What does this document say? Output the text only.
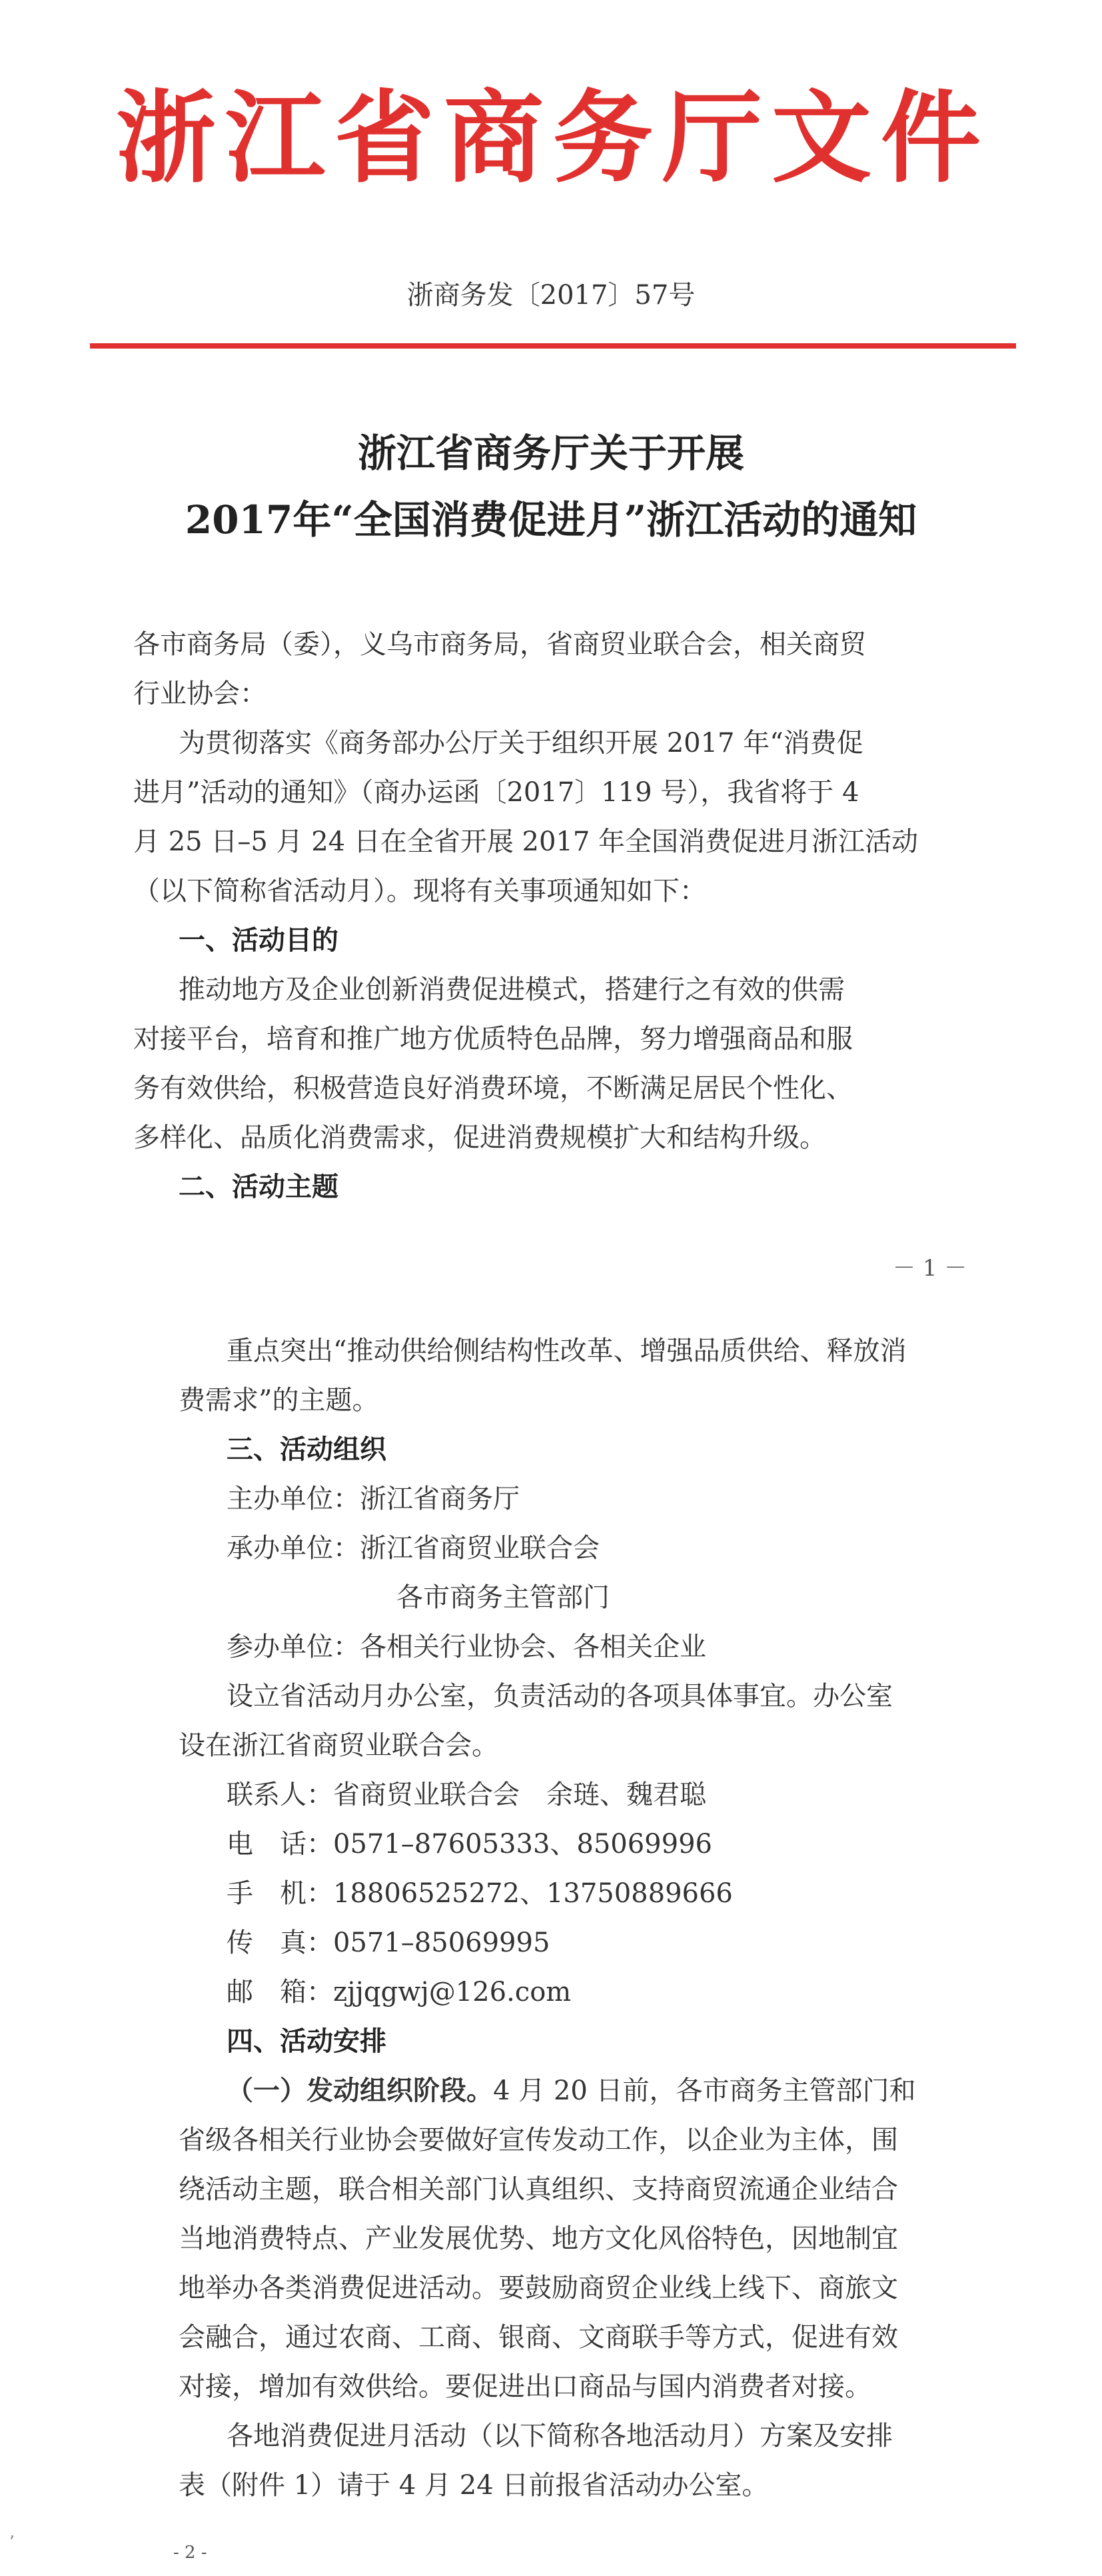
浙江省商务厅文件

浙商务发〔2017〕57号

浙江省商务厅关于开展

2017年“全国消费促进月”浙江活动的通知

各市商务局（委），义乌市商务局，省商贸业联合会，相关商贸

行业协会：

为贯彻落实《商务部办公厅关于组织开展 2017 年“消费促

进月”活动的通知》（商办运函〔2017〕119 号），我省将于 4

月 25 日–5 月 24 日在全省开展 2017 年全国消费促进月浙江活动

（以下简称省活动月）。现将有关事项通知如下：

一、活动目的

推动地方及企业创新消费促进模式，搭建行之有效的供需

对接平台，培育和推广地方优质特色品牌，努力增强商品和服

务有效供给，积极营造良好消费环境，不断满足居民个性化、

多样化、品质化消费需求，促进消费规模扩大和结构升级。

二、活动主题

－ 1 －

重点突出“推动供给侧结构性改革、增强品质供给、释放消

费需求”的主题。

三、活动组织

主办单位：浙江省商务厅

承办单位：浙江省商贸业联合会

各市商务主管部门

参办单位：各相关行业协会、各相关企业

设立省活动月办公室，负责活动的各项具体事宜。办公室

设在浙江省商贸业联合会。

联系人：省商贸业联合会　余琏、魏君聪

电　话：0571–87605333、85069996

手　机：18806525272、13750889666

传　真：0571–85069995

邮　箱：zjjqgwj@126.com

四、活动安排

（一）发动组织阶段。4 月 20 日前，各市商务主管部门和

省级各相关行业协会要做好宣传发动工作，以企业为主体，围

绕活动主题，联合相关部门认真组织、支持商贸流通企业结合

当地消费特点、产业发展优势、地方文化风俗特色，因地制宜

地举办各类消费促进活动。要鼓励商贸企业线上线下、商旅文

会融合，通过农商、工商、银商、文商联手等方式，促进有效

对接，增加有效供给。要促进出口商品与国内消费者对接。

各地消费促进月活动（以下简称各地活动月）方案及安排

表（附件 1）请于 4 月 24 日前报省活动办公室。

’

- 2 -
